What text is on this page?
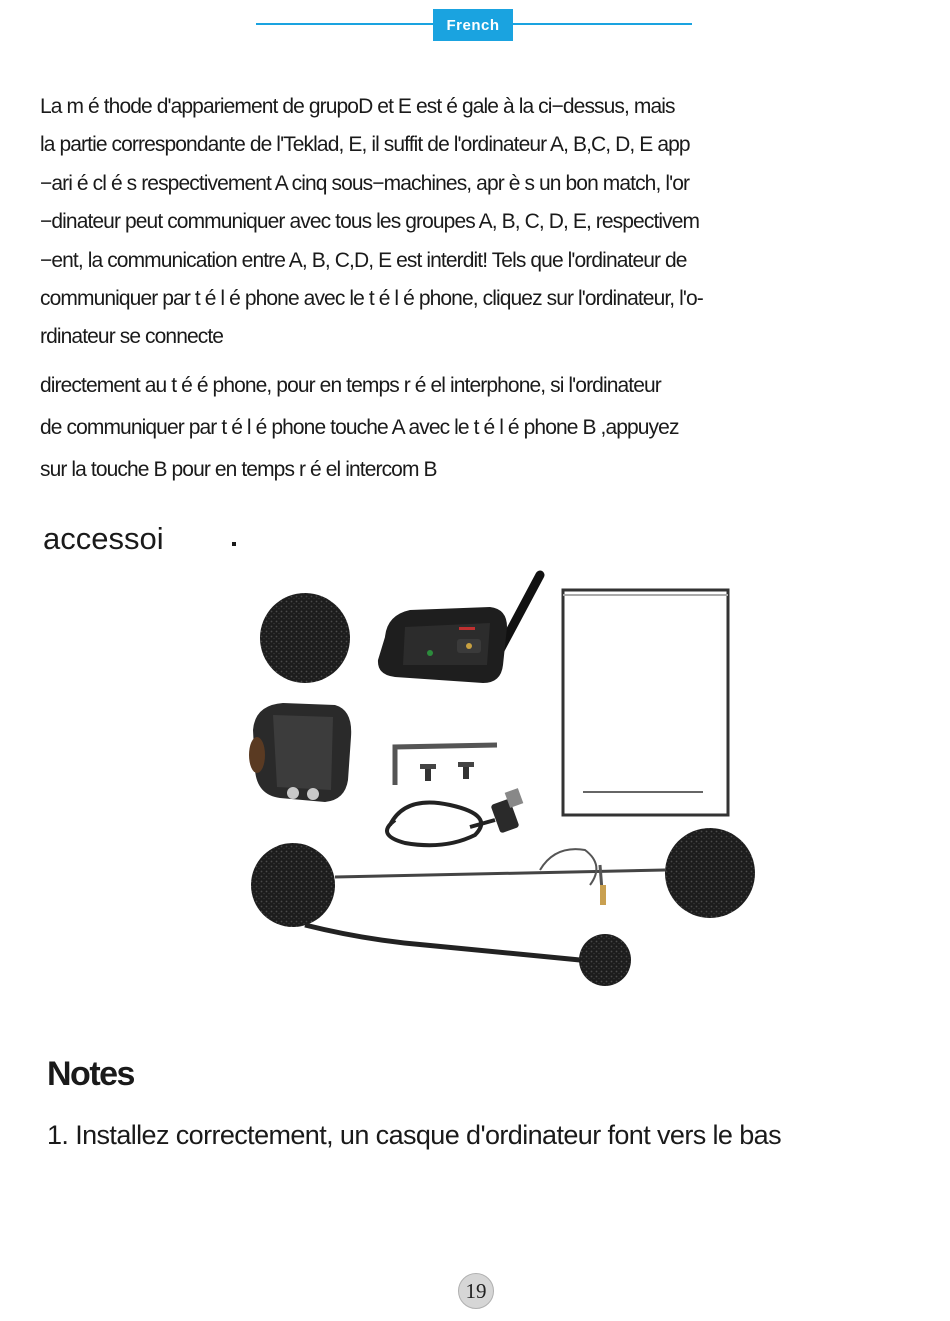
French
La m é thode d'appariement de grupoD et E est é gale à la ci−dessus, mais
la partie correspondante de l'Teklad, E, il suffit de l'ordinateur A, B,C, D, E app
−ari é cl é s respectivement A cinq sous−machines, apr è s un bon match, l'or
−dinateur peut communiquer avec tous les groupes A, B, C, D, E, respectivem
−ent, la communication entre A, B, C,D, E est interdit! Tels que l'ordinateur de
communiquer par t é l é phone avec le t é l é phone, cliquez sur l'ordinateur, l'o-
rdinateur se connecte
directement au t é é phone, pour en temps r é el interphone, si l'ordinateur
de communiquer par t é l é phone touche A avec le t é l é phone B ,appuyez
sur la touche B pour en temps r é el intercom B
accessoi
Notes
1. Installez correctement, un casque d'ordinateur font vers le bas
19
